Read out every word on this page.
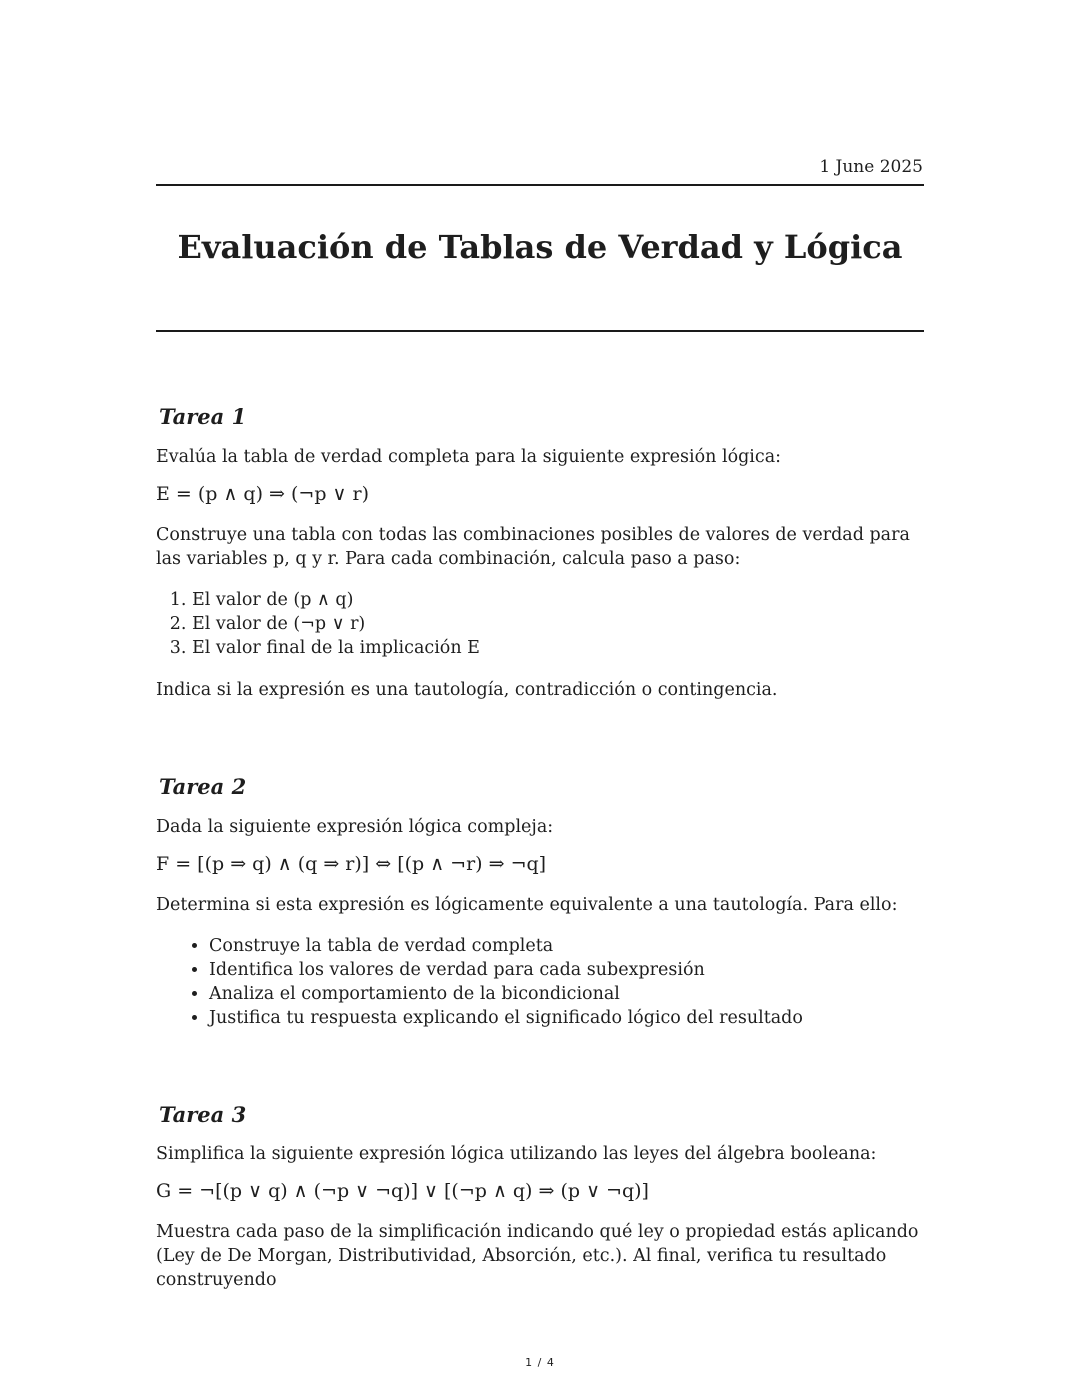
1 June 2025
Evaluación de Tablas de Verdad y Lógica
Tarea 1

Evalúa la tabla de verdad completa para la siguiente expresión lógica:

E = (p ∧ q) ⇒ (¬p ∨ r)

Construye una tabla con todas las combinaciones posibles de valores de verdad para las variables p, q y r. Para cada combinación, calcula paso a paso:

1. El valor de (p ∧ q)
2. El valor de (¬p ∨ r)
3. El valor final de la implicación E

Indica si la expresión es una tautología, contradicción o contingencia.

Tarea 2

Dada la siguiente expresión lógica compleja:

F = [(p ⇒ q) ∧ (q ⇒ r)] ⇔ [(p ∧ ¬r) ⇒ ¬q]

Determina si esta expresión es lógicamente equivalente a una tautología. Para ello:

• Construye la tabla de verdad completa
• Identifica los valores de verdad para cada subexpresión
• Analiza el comportamiento de la bicondicional
• Justifica tu respuesta explicando el significado lógico del resultado
Tarea 3

Simplifica la siguiente expresión lógica utilizando las leyes del álgebra booleana:

G = ¬[(p ∨ q) ∧ (¬p ∨ ¬q)] ∨ [(¬p ∧ q) ⇒ (p ∨ ¬q)]

Muestra cada paso de la simplificación indicando qué ley o propiedad estás aplicando (Ley de De Morgan, Distributividad, Absorción, etc.). Al final, verifica tu resultado construyendo

1 / 4
